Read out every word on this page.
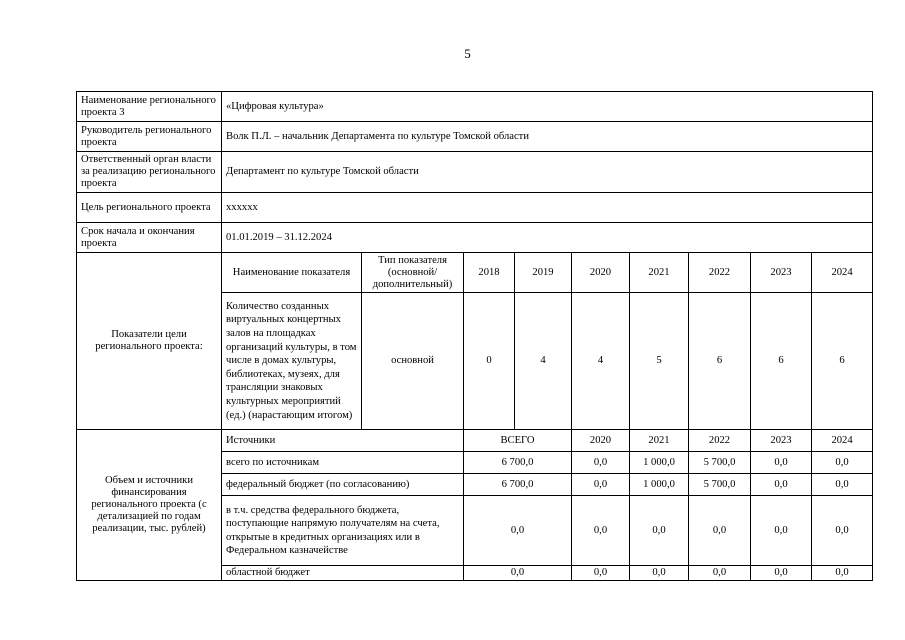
5
Наименование регионального проекта 3	«Цифровая культура»								
Руководитель регионального проекта	Волк П.Л. – начальник Департамента по культуре Томской области								
Ответственный орган власти за реализацию регионального проекта	Департамент по культуре Томской области								
Цель регионального проекта	xxxxxx								
Срок начала и окончания проекта	01.01.2019 – 31.12.2024								
Показатели цели регионального проекта:	Наименование показателя	Тип показателя (основной/ дополнительный)	2018	2019	2020	2021	2022	2023	2024
	Количество созданных виртуальных концертных залов на площадках организаций культуры, в том числе в домах культуры, библиотеках, музеях, для трансляции знаковых культурных мероприятий (ед.) (нарастающим итогом)	основной	0	4	4	5	6	6	6
Объем и источники финансирования регионального проекта (с детализацией по годам реализации, тыс. рублей)	Источники		ВСЕГО		2020	2021	2022	2023	2024
	всего по источникам		6 700,0		0,0	1 000,0	5 700,0	0,0	0,0
	федеральный бюджет (по согласованию)		6 700,0		0,0	1 000,0	5 700,0	0,0	0,0
	в т.ч. средства федерального бюджета, поступающие напрямую получателям на счета, открытые в кредитных организациях или в Федеральном казначействе		0,0		0,0	0,0	0,0	0,0	0,0
	областной бюджет		0,0		0,0	0,0	0,0	0,0	0,0
